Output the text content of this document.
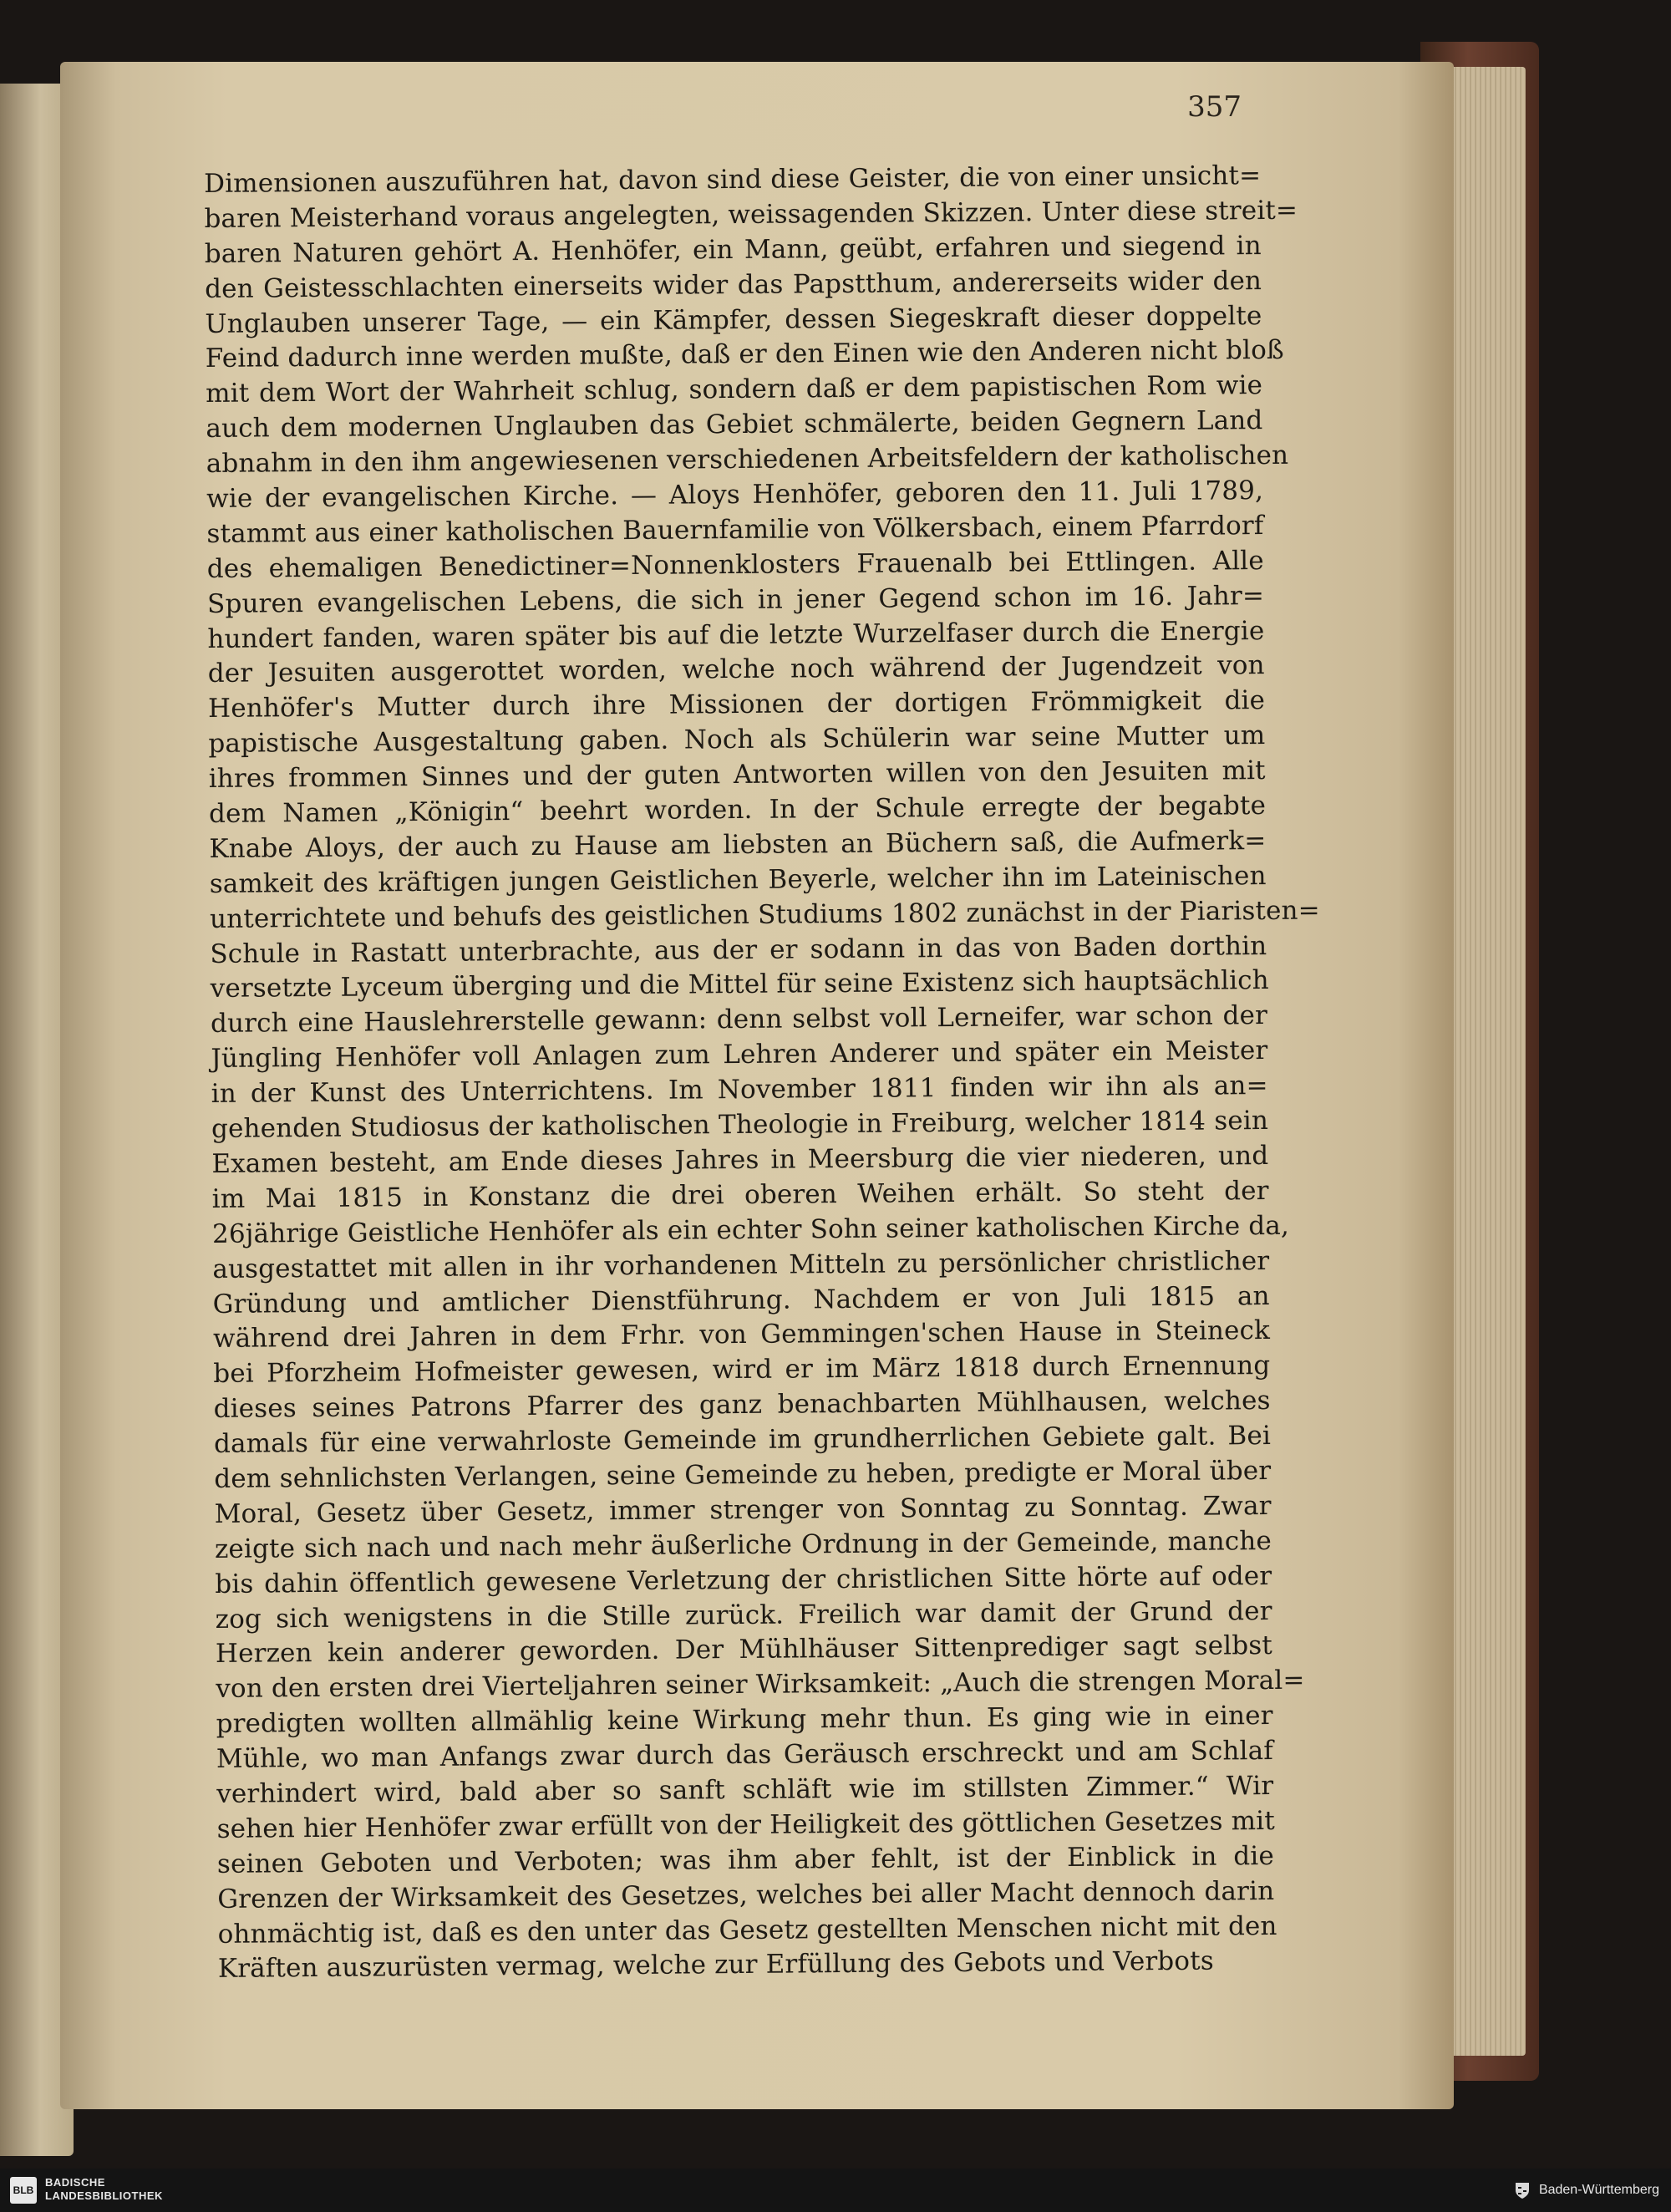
357
Dimensionen auszuführen hat, davon sind diese Geister, die von einer unsicht=
baren Meisterhand voraus angelegten, weissagenden Skizzen. Unter diese streit=
baren Naturen gehört A. Henhöfer, ein Mann, geübt, erfahren und siegend in
den Geistesschlachten einerseits wider das Papstthum, andererseits wider den
Unglauben unserer Tage, — ein Kämpfer, dessen Siegeskraft dieser doppelte
Feind dadurch inne werden mußte, daß er den Einen wie den Anderen nicht bloß
mit dem Wort der Wahrheit schlug, sondern daß er dem papistischen Rom wie
auch dem modernen Unglauben das Gebiet schmälerte, beiden Gegnern Land
abnahm in den ihm angewiesenen verschiedenen Arbeitsfeldern der katholischen
wie der evangelischen Kirche. — Aloys Henhöfer, geboren den 11. Juli 1789,
stammt aus einer katholischen Bauernfamilie von Völkersbach, einem Pfarrdorf
des ehemaligen Benedictiner=Nonnenklosters Frauenalb bei Ettlingen. Alle
Spuren evangelischen Lebens, die sich in jener Gegend schon im 16. Jahr=
hundert fanden, waren später bis auf die letzte Wurzelfaser durch die Energie
der Jesuiten ausgerottet worden, welche noch während der Jugendzeit von
Henhöfer's Mutter durch ihre Missionen der dortigen Frömmigkeit die
papistische Ausgestaltung gaben. Noch als Schülerin war seine Mutter um
ihres frommen Sinnes und der guten Antworten willen von den Jesuiten mit
dem Namen „Königin“ beehrt worden. In der Schule erregte der begabte
Knabe Aloys, der auch zu Hause am liebsten an Büchern saß, die Aufmerk=
samkeit des kräftigen jungen Geistlichen Beyerle, welcher ihn im Lateinischen
unterrichtete und behufs des geistlichen Studiums 1802 zunächst in der Piaristen=
Schule in Rastatt unterbrachte, aus der er sodann in das von Baden dorthin
versetzte Lyceum überging und die Mittel für seine Existenz sich hauptsächlich
durch eine Hauslehrerstelle gewann: denn selbst voll Lerneifer, war schon der
Jüngling Henhöfer voll Anlagen zum Lehren Anderer und später ein Meister
in der Kunst des Unterrichtens. Im November 1811 finden wir ihn als an=
gehenden Studiosus der katholischen Theologie in Freiburg, welcher 1814 sein
Examen besteht, am Ende dieses Jahres in Meersburg die vier niederen, und
im Mai 1815 in Konstanz die drei oberen Weihen erhält. So steht der
26jährige Geistliche Henhöfer als ein echter Sohn seiner katholischen Kirche da,
ausgestattet mit allen in ihr vorhandenen Mitteln zu persönlicher christlicher
Gründung und amtlicher Dienstführung. Nachdem er von Juli 1815 an
während drei Jahren in dem Frhr. von Gemmingen'schen Hause in Steineck
bei Pforzheim Hofmeister gewesen, wird er im März 1818 durch Ernennung
dieses seines Patrons Pfarrer des ganz benachbarten Mühlhausen, welches
damals für eine verwahrloste Gemeinde im grundherrlichen Gebiete galt. Bei
dem sehnlichsten Verlangen, seine Gemeinde zu heben, predigte er Moral über
Moral, Gesetz über Gesetz, immer strenger von Sonntag zu Sonntag. Zwar
zeigte sich nach und nach mehr äußerliche Ordnung in der Gemeinde, manche
bis dahin öffentlich gewesene Verletzung der christlichen Sitte hörte auf oder
zog sich wenigstens in die Stille zurück. Freilich war damit der Grund der
Herzen kein anderer geworden. Der Mühlhäuser Sittenprediger sagt selbst
von den ersten drei Vierteljahren seiner Wirksamkeit: „Auch die strengen Moral=
predigten wollten allmählig keine Wirkung mehr thun. Es ging wie in einer
Mühle, wo man Anfangs zwar durch das Geräusch erschreckt und am Schlaf
verhindert wird, bald aber so sanft schläft wie im stillsten Zimmer.“ Wir
sehen hier Henhöfer zwar erfüllt von der Heiligkeit des göttlichen Gesetzes mit
seinen Geboten und Verboten; was ihm aber fehlt, ist der Einblick in die
Grenzen der Wirksamkeit des Gesetzes, welches bei aller Macht dennoch darin
ohnmächtig ist, daß es den unter das Gesetz gestellten Menschen nicht mit den
Kräften auszurüsten vermag, welche zur Erfüllung des Gebots und Verbots
BLB
BADISCHE
LANDESBIBLIOTHEK	Baden-Württemberg
